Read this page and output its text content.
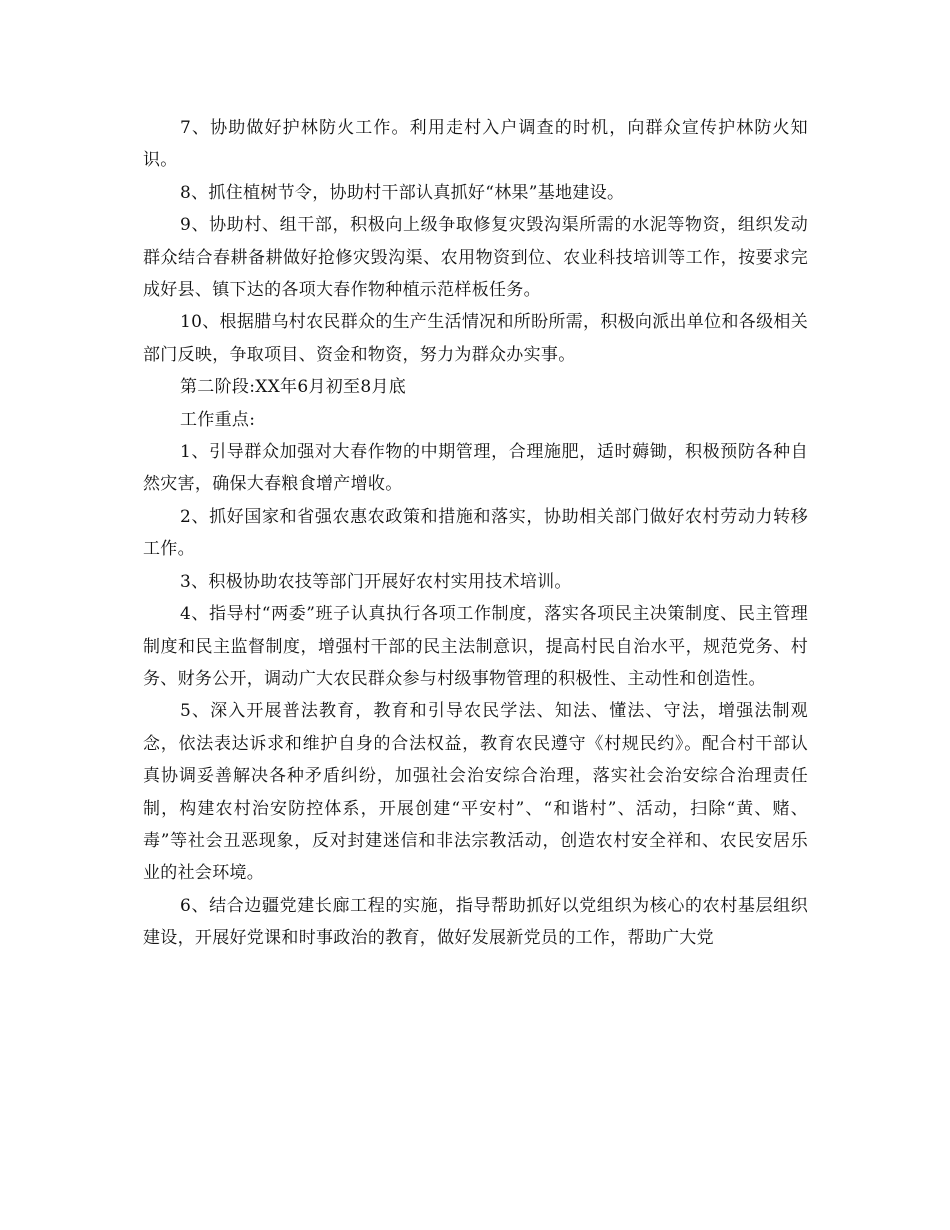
7、协助做好护林防火工作。利用走村入户调查的时机，向群众宣传护林防火知识。

8、抓住植树节令，协助村干部认真抓好“林果”基地建设。

9、协助村、组干部，积极向上级争取修复灾毁沟渠所需的水泥等物资，组织发动群众结合春耕备耕做好抢修灾毁沟渠、农用物资到位、农业科技培训等工作，按要求完成好县、镇下达的各项大春作物种植示范样板任务。

10、根据腊乌村农民群众的生产生活情况和所盼所需，积极向派出单位和各级相关部门反映，争取项目、资金和物资，努力为群众办实事。

第二阶段:XX年6月初至8月底

工作重点:

1、引导群众加强对大春作物的中期管理，合理施肥，适时薅锄，积极预防各种自然灾害，确保大春粮食增产增收。

2、抓好国家和省强农惠农政策和措施和落实，协助相关部门做好农村劳动力转移工作。

3、积极协助农技等部门开展好农村实用技术培训。

4、指导村“两委”班子认真执行各项工作制度，落实各项民主决策制度、民主管理制度和民主监督制度，增强村干部的民主法制意识，提高村民自治水平，规范党务、村务、财务公开，调动广大农民群众参与村级事物管理的积极性、主动性和创造性。

5、深入开展普法教育，教育和引导农民学法、知法、懂法、守法，增强法制观念，依法表达诉求和维护自身的合法权益，教育农民遵守《村规民约》。配合村干部认真协调妥善解决各种矛盾纠纷，加强社会治安综合治理，落实社会治安综合治理责任制，构建农村治安防控体系，开展创建“平安村”、“和谐村”、活动，扫除“黄、赌、毒”等社会丑恶现象，反对封建迷信和非法宗教活动，创造农村安全祥和、农民安居乐业的社会环境。

6、结合边疆党建长廊工程的实施，指导帮助抓好以党组织为核心的农村基层组织建设，开展好党课和时事政治的教育，做好发展新党员的工作，帮助广大党
